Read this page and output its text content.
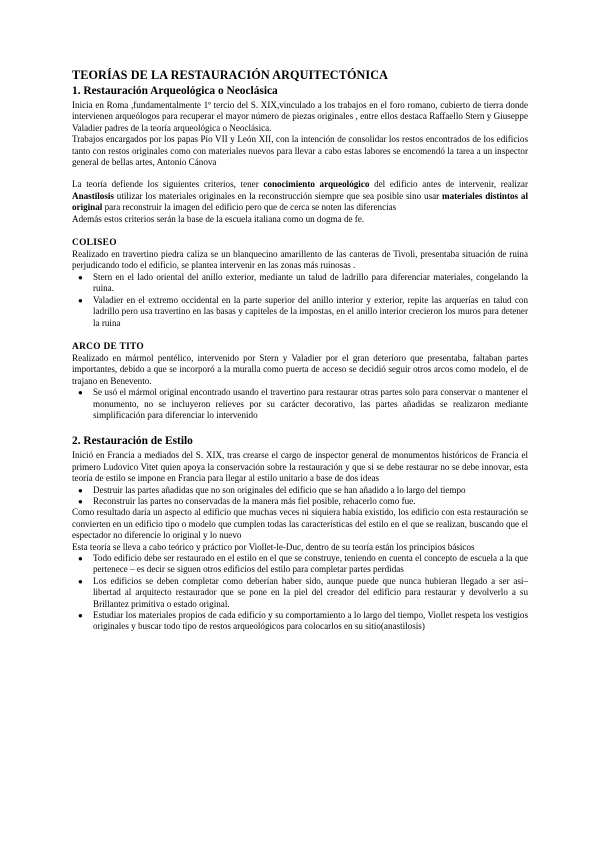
TEORÍAS DE LA RESTAURACIÓN ARQUITECTÓNICA
1. Restauración Arqueológica o Neoclásica

Inicia en Roma ,fundamentalmente 1º tercio del S. XIX,vinculado a los trabajos en el foro romano, cubierto de tierra donde intervienen arqueólogos para recuperar el mayor número de piezas originales , entre ellos destaca Raffaello Stern y Giuseppe Valadier padres de la teoría arqueológica o Neoclásica.

Trabajos encargados por los papas Pío VII y León XII, con la intención de consolidar los restos encontrados de los edificios tanto con restos originales como con materiales nuevos para llevar a cabo estas labores se encomendó la tarea a un inspector general de bellas artes, Antonio Cánova

La teoría defiende los siguientes criterios, tener conocimiento arqueológico del edificio antes de intervenir, realizar Anastilosis utilizar los materiales originales en la reconstrucción siempre que sea posible sino usar materiales distintos al original para reconstruir la imagen del edificio pero que de cerca se noten las diferencias

Además estos criterios serán la base de la escuela italiana como un dogma de fe.

COLISEO

Realizado en travertino piedra caliza se un blanquecino amarillento de las canteras de Tivoli, presentaba situación de ruina perjudicando todo el edificio, se plantea intervenir en las zonas más ruinosas .

● Stern en el lado oriental del anillo exterior, mediante un talud de ladrillo para diferenciar materiales, congelando la ruina.
● Valadier en el extremo occidental en la parte superior del anillo interior y exterior, repite las arquerías en talud con ladrillo pero usa travertino en las basas y capiteles de la impostas, en el anillo interior crecieron los muros para detener la ruina
ARCO DE TITO

Realizado en mármol pentélico, intervenido por Stern y Valadier por el gran deterioro que presentaba, faltaban partes importantes, debido a que se incorporó a la muralla como puerta de acceso se decidió seguir otros arcos como modelo, el de trajano en Benevento.

● Se usó el mármol original encontrado usando el travertino para restaurar otras partes solo para conservar o mantener el monumento, no se incluyeron relieves por su carácter decorativo, las partes añadidas se realizaron mediante simplificación para diferenciar lo intervenido
2. Restauración de Estilo

Inició en Francia a mediados del S. XIX, tras crearse el cargo de inspector general de monumentos históricos de Francia el primero Ludovico Vitet quien apoya la conservación sobre la restauración y que si se debe restaurar no se debe innovar, esta teoría de estilo se impone en Francia para llegar al estilo unitario a base de dos ideas

● Destruir las partes añadidas que no son originales del edificio que se han añadido a lo largo del tiempo
● Reconstruir las partes no conservadas de la manera más fiel posible, rehacerlo como fue.

Como resultado daría un aspecto al edificio que muchas veces ni siquiera había existido, los edificio con esta restauración se convierten en un edificio tipo o modelo que cumplen todas las características del estilo en el que se realizan, buscando que el espectador no diferencie lo original y lo nuevo

Esta teoría se lleva a cabo teórico y práctico por Viollet-le-Duc, dentro de su teoría están los principios básicos

● Todo edificio debe ser restaurado en el estilo en el que se construye, teniendo en cuenta el concepto de escuela a la que pertenece – es decir se siguen otros edificios del estilo para completar partes perdidas
● Los edificios se deben completar como deberían haber sido, aunque puede que nunca hubieran llegado a ser así– libertad al arquitecto restaurador que se pone en la piel del creador del edificio para restaurar y devolverlo a su Brillantez primitiva o estado original.
● Estudiar los materiales propios de cada edificio y su comportamiento a lo largo del tiempo, Viollet respeta los vestigios originales y buscar todo tipo de restos arqueológicos para colocarlos en su sitio(anastilosis)
